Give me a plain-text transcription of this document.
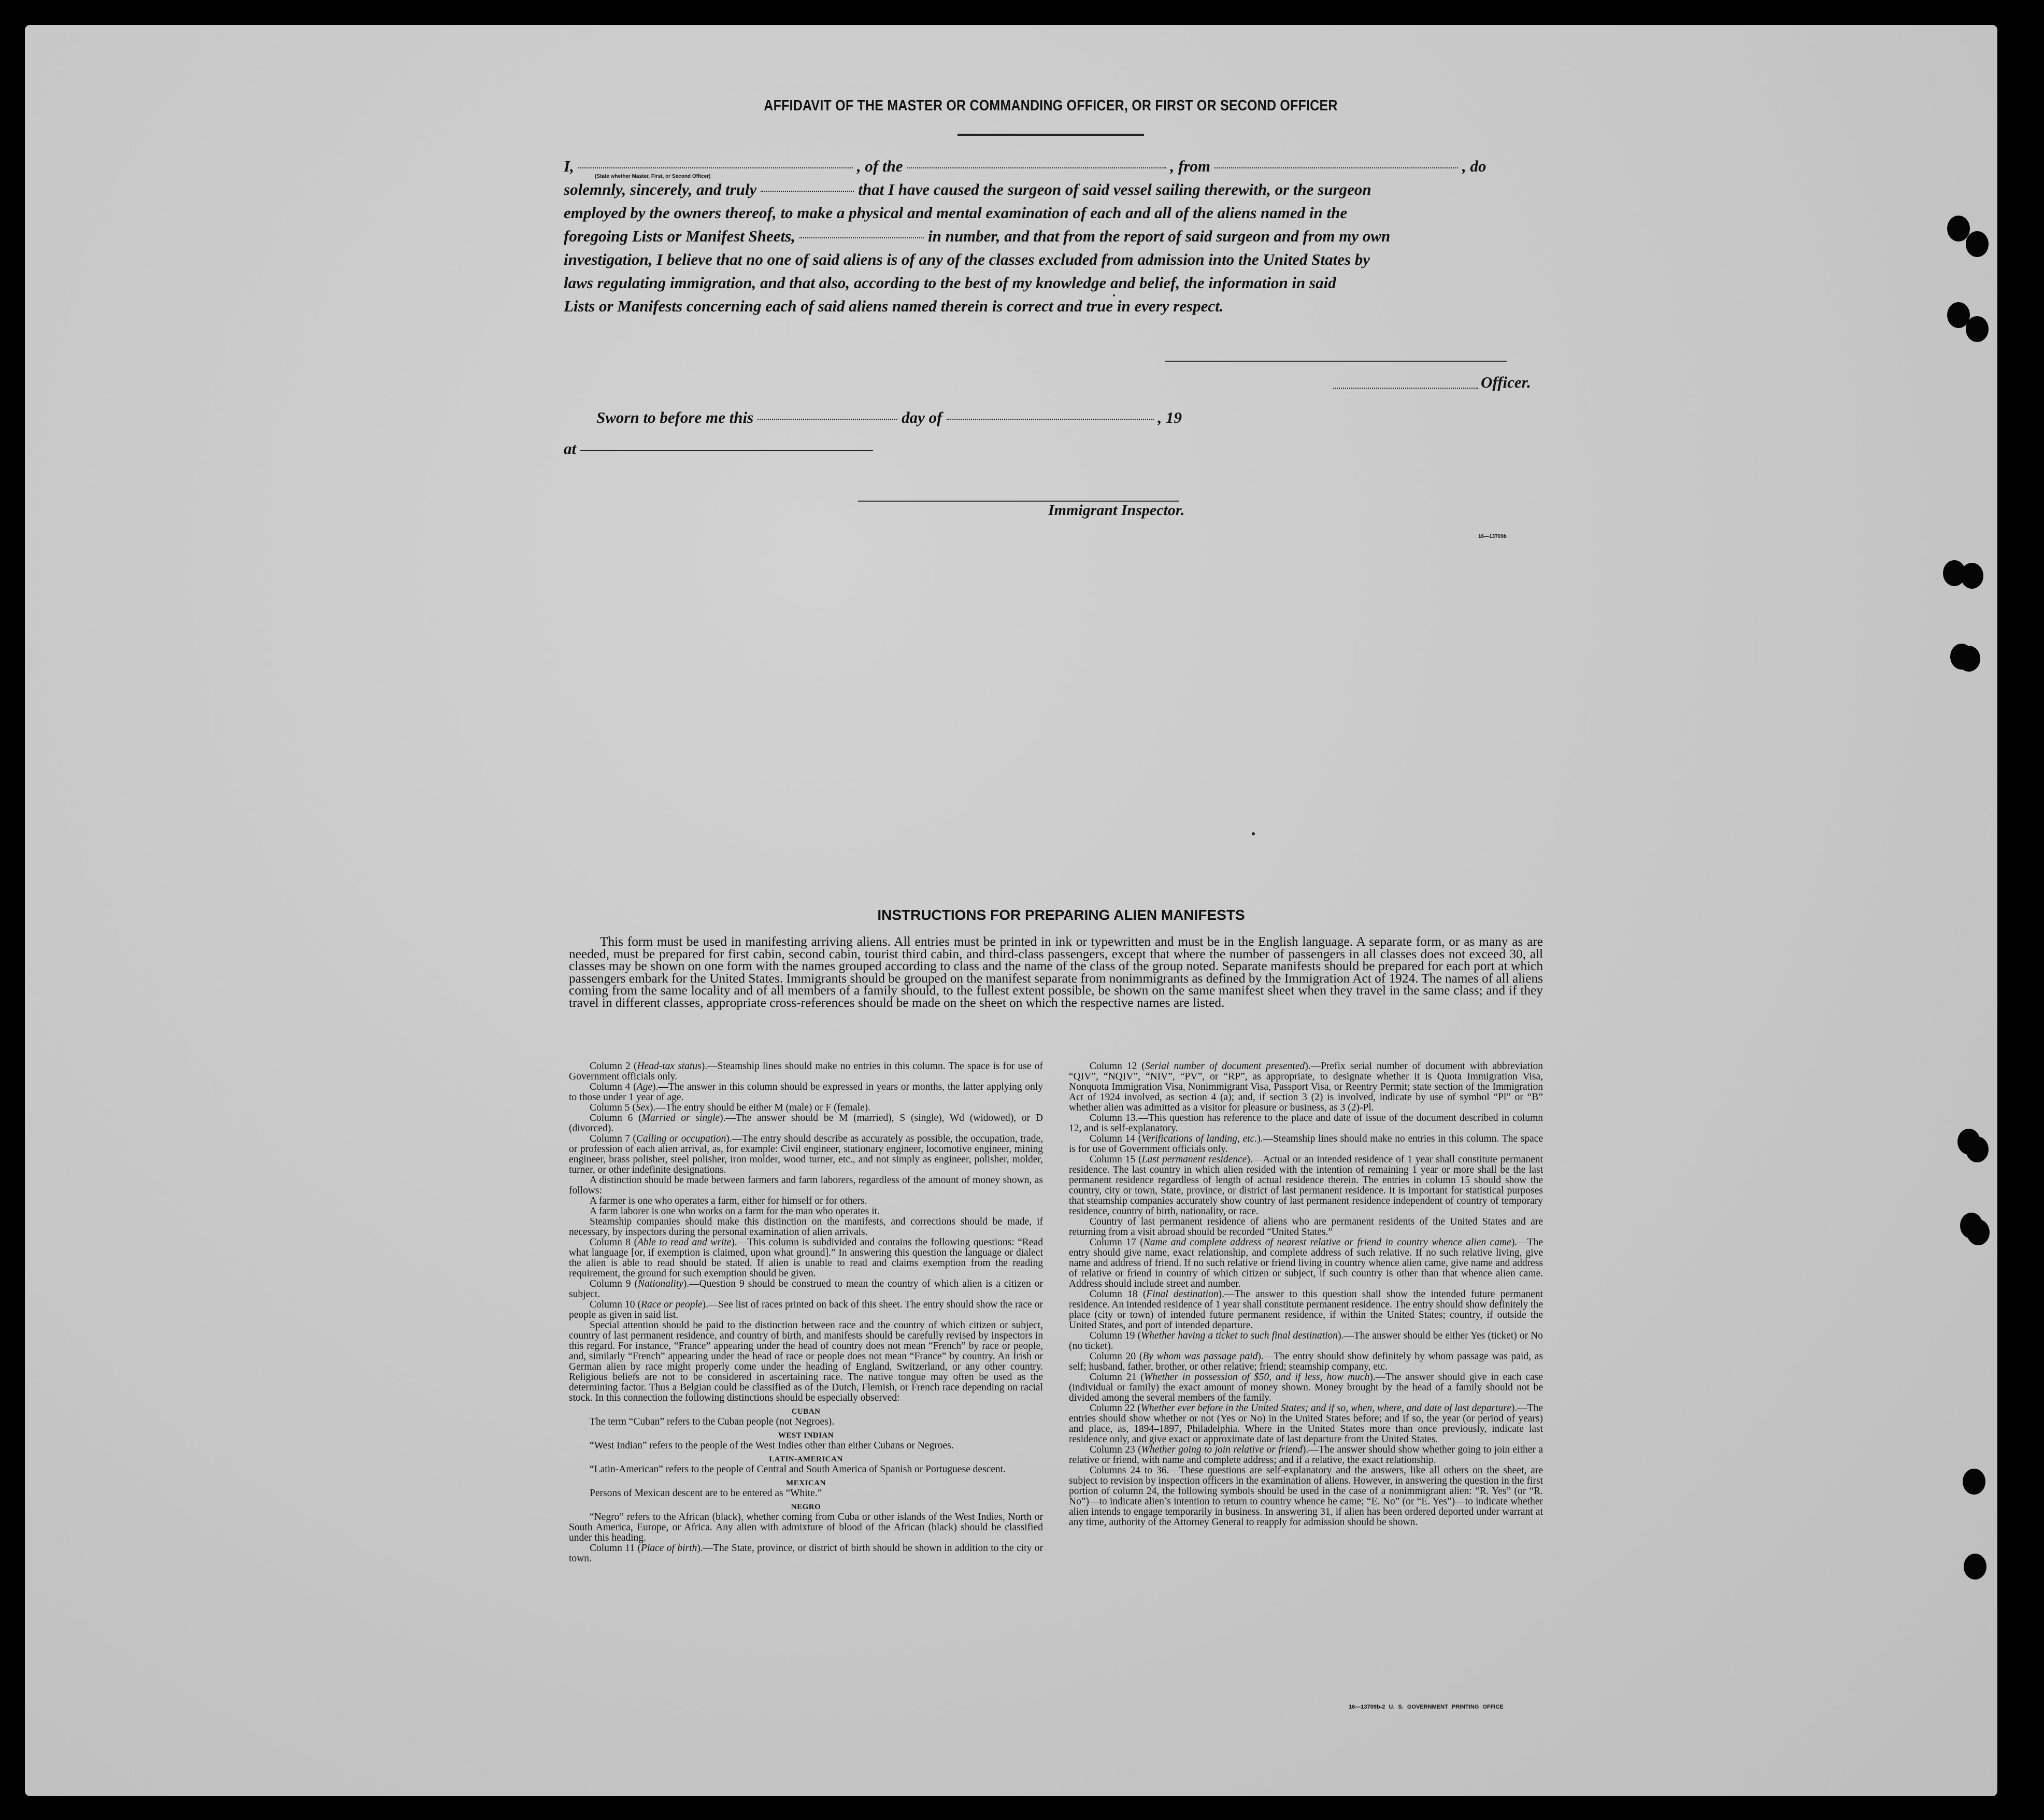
AFFIDAVIT OF THE MASTER OR COMMANDING OFFICER, OR FIRST OR SECOND OFFICER
I,	, of the	, from	, do
solemnly, sincerely, and truly	that I have caused the surgeon of said vessel sailing therewith, or the surgeon
employed by the owners thereof, to make a physical and mental examination of each and all of the aliens named in the
foregoing Lists or Manifest Sheets,	in number, and that from the report of said surgeon and from my own
investigation, I believe that no one of said aliens is of any of the classes excluded from admission into the United States by
laws regulating immigration, and that also, according to the best of my knowledge and belief, the information in said
Lists or Manifests concerning each of said aliens named therein is correct and true in every respect.
(State whether Master, First, or Second Officer)
Officer.
Sworn to before me this	day of	, 19
at
Immigrant Inspector.
16—13709b
INSTRUCTIONS FOR PREPARING ALIEN MANIFESTS
This form must be used in manifesting arriving aliens. All entries must be printed in ink or typewritten and must be in the English language. A separate form, or as many as are needed, must be prepared for first cabin, second cabin, tourist third cabin, and third-class passengers, except that where the number of passengers in all classes does not exceed 30, all classes may be shown on one form with the names grouped according to class and the name of the class of the group noted. Separate manifests should be prepared for each port at which passengers embark for the United States. Immigrants should be grouped on the manifest separate from nonimmigrants as defined by the Immigration Act of 1924. The names of all aliens coming from the same locality and of all members of a family should, to the fullest extent possible, be shown on the same manifest sheet when they travel in the same class; and if they travel in different classes, appropriate cross-references should be made on the sheet on which the respective names are listed.

Column 2 (Head-tax status).—Steamship lines should make no entries in this column. The space is for use of Government officials only.

Column 4 (Age).—The answer in this column should be expressed in years or months, the latter applying only to those under 1 year of age.

Column 5 (Sex).—The entry should be either M (male) or F (female).

Column 6 (Married or single).—The answer should be M (married), S (single), Wd (widowed), or D (divorced).

Column 7 (Calling or occupation).—The entry should describe as accurately as possible, the occupation, trade, or profession of each alien arrival, as, for example: Civil engineer, stationary engineer, locomotive engineer, mining engineer, brass polisher, steel polisher, iron molder, wood turner, etc., and not simply as engineer, polisher, molder, turner, or other indefinite designations.

A distinction should be made between farmers and farm laborers, regardless of the amount of money shown, as follows:

A farmer is one who operates a farm, either for himself or for others.

A farm laborer is one who works on a farm for the man who operates it.

Steamship companies should make this distinction on the manifests, and corrections should be made, if necessary, by inspectors during the personal examination of alien arrivals.

Column 8 (Able to read and write).—This column is subdivided and contains the following questions: “Read what language [or, if exemption is claimed, upon what ground].” In answering this question the language or dialect the alien is able to read should be stated. If alien is unable to read and claims exemption from the reading requirement, the ground for such exemption should be given.

Column 9 (Nationality).—Question 9 should be construed to mean the country of which alien is a citizen or subject.

Column 10 (Race or people).—See list of races printed on back of this sheet. The entry should show the race or people as given in said list.

Special attention should be paid to the distinction between race and the country of which citizen or subject, country of last permanent residence, and country of birth, and manifests should be carefully revised by inspectors in this regard. For instance, “France” appearing under the head of country does not mean “French” by race or people, and, similarly “French” appearing under the head of race or people does not mean “France” by country. An Irish or German alien by race might properly come under the heading of England, Switzerland, or any other country. Religious beliefs are not to be considered in ascertaining race. The native tongue may often be used as the determining factor. Thus a Belgian could be classified as of the Dutch, Flemish, or French race depending on racial stock. In this connection the following distinctions should be especially observed:

CUBAN

The term “Cuban” refers to the Cuban people (not Negroes).

WEST INDIAN

“West Indian” refers to the people of the West Indies other than either Cubans or Negroes.

LATIN-AMERICAN

“Latin-American” refers to the people of Central and South America of Spanish or Portuguese descent.

MEXICAN

Persons of Mexican descent are to be entered as “White.”

NEGRO

“Negro” refers to the African (black), whether coming from Cuba or other islands of the West Indies, North or South America, Europe, or Africa. Any alien with admixture of blood of the African (black) should be classified under this heading.

Column 11 (Place of birth).—The State, province, or district of birth should be shown in addition to the city or town.

Column 12 (Serial number of document presented).—Prefix serial number of document with abbreviation “QIV”, “NQIV”, “NIV”, “PV”, or “RP”, as appropriate, to designate whether it is Quota Immigration Visa, Nonquota Immigration Visa, Nonimmigrant Visa, Passport Visa, or Reentry Permit; state section of the Immigration Act of 1924 involved, as section 4 (a); and, if section 3 (2) is involved, indicate by use of symbol “Pl” or “B” whether alien was admitted as a visitor for pleasure or business, as 3 (2)-Pl.

Column 13.—This question has reference to the place and date of issue of the document described in column 12, and is self-explanatory.

Column 14 (Verifications of landing, etc.).—Steamship lines should make no entries in this column. The space is for use of Government officials only.

Column 15 (Last permanent residence).—Actual or an intended residence of 1 year shall constitute permanent residence. The last country in which alien resided with the intention of remaining 1 year or more shall be the last permanent residence regardless of length of actual residence therein. The entries in column 15 should show the country, city or town, State, province, or district of last permanent residence. It is important for statistical purposes that steamship companies accurately show country of last permanent residence independent of country of temporary residence, country of birth, nationality, or race.

Country of last permanent residence of aliens who are permanent residents of the United States and are returning from a visit abroad should be recorded “United States.”

Column 17 (Name and complete address of nearest relative or friend in country whence alien came).—The entry should give name, exact relationship, and complete address of such relative. If no such relative living, give name and address of friend. If no such relative or friend living in country whence alien came, give name and address of relative or friend in country of which citizen or subject, if such country is other than that whence alien came. Address should include street and number.

Column 18 (Final destination).—The answer to this question shall show the intended future permanent residence. An intended residence of 1 year shall constitute permanent residence. The entry should show definitely the place (city or town) of intended future permanent residence, if within the United States; country, if outside the United States, and port of intended departure.

Column 19 (Whether having a ticket to such final destination).—The answer should be either Yes (ticket) or No (no ticket).

Column 20 (By whom was passage paid).—The entry should show definitely by whom passage was paid, as self; husband, father, brother, or other relative; friend; steamship company, etc.

Column 21 (Whether in possession of $50, and if less, how much).—The answer should give in each case (individual or family) the exact amount of money shown. Money brought by the head of a family should not be divided among the several members of the family.

Column 22 (Whether ever before in the United States; and if so, when, where, and date of last departure).—The entries should show whether or not (Yes or No) in the United States before; and if so, the year (or period of years) and place, as, 1894–1897, Philadelphia. Where in the United States more than once previously, indicate last residence only, and give exact or approximate date of last departure from the United States.

Column 23 (Whether going to join relative or friend).—The answer should show whether going to join either a relative or friend, with name and complete address; and if a relative, the exact relationship.

Columns 24 to 36.—These questions are self-explanatory and the answers, like all others on the sheet, are subject to revision by inspection officers in the examination of aliens. However, in answering the question in the first portion of column 24, the following symbols should be used in the case of a nonimmigrant alien: “R. Yes” (or “R. No”)—to indicate alien’s intention to return to country whence he came; “E. No” (or “E. Yes”)—to indicate whether alien intends to engage temporarily in business. In answering 31, if alien has been ordered deported under warrant at any time, authority of the Attorney General to reapply for admission should be shown.

16—13709b-2 U. S. GOVERNMENT PRINTING OFFICE
